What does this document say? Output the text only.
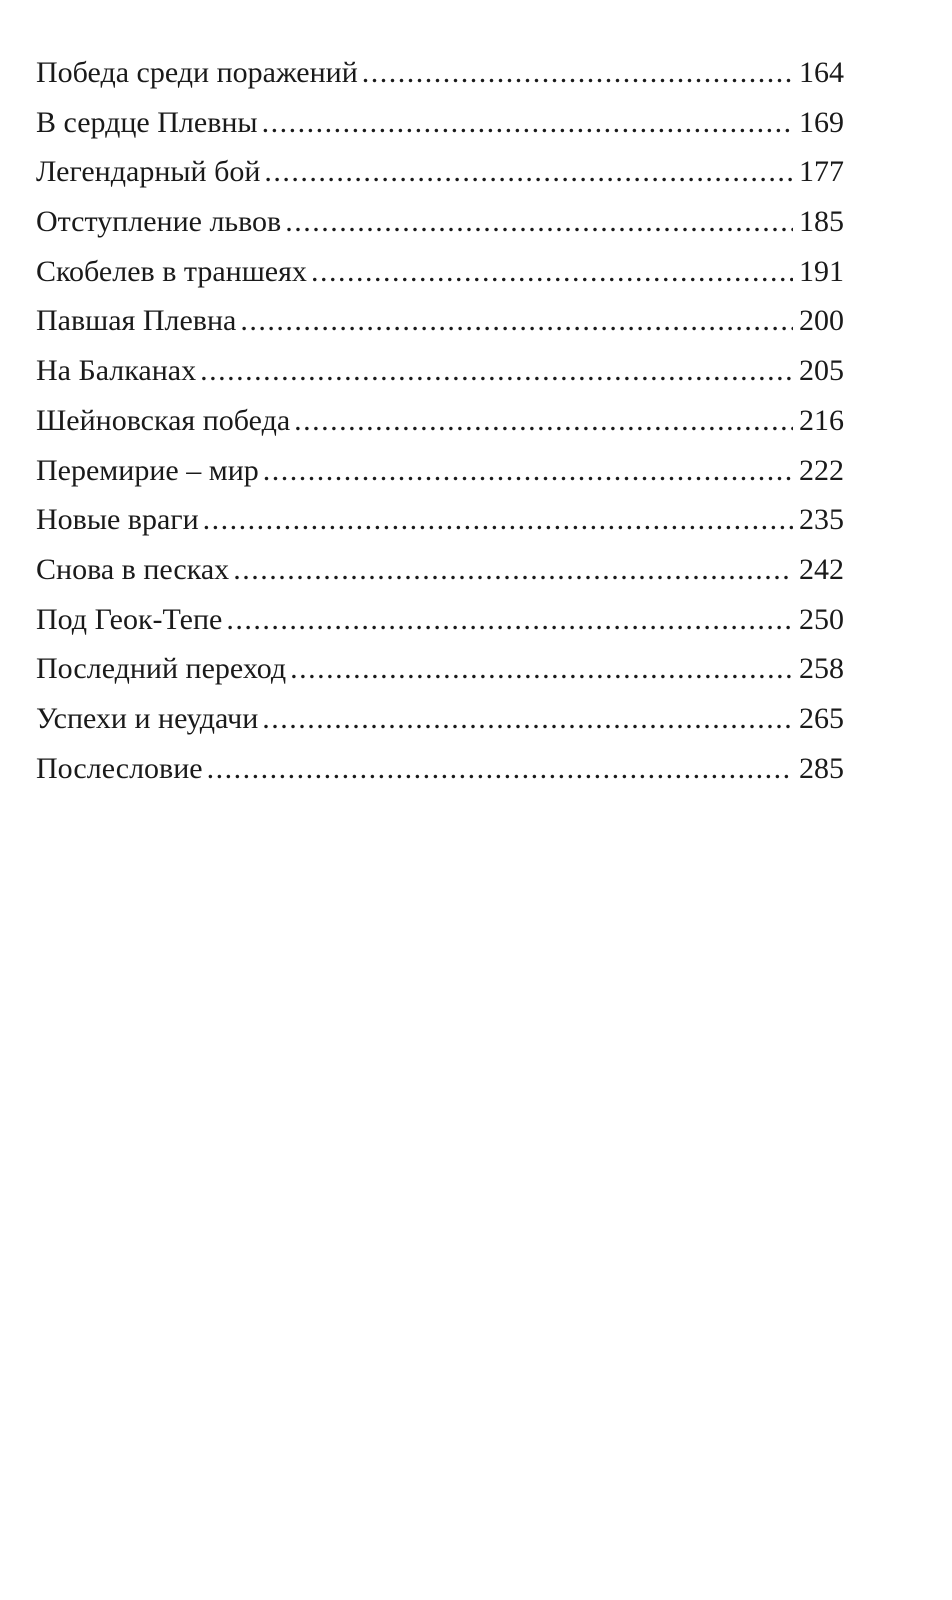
Победа среди поражений .....	164
В сердце Плевны .....	169
Легендарный бой .....	177
Отступление львов .....	185
Скобелев в траншеях .....	191
Павшая Плевна .....	200
На Балканах .....	205
Шейновская победа .....	216
Перемирие – мир .....	222
Новые враги .....	235
Снова в песках .....	242
Под Геок-Тепе .....	250
Последний переход .....	258
Успехи и неудачи .....	265
Послесловие .....	285
